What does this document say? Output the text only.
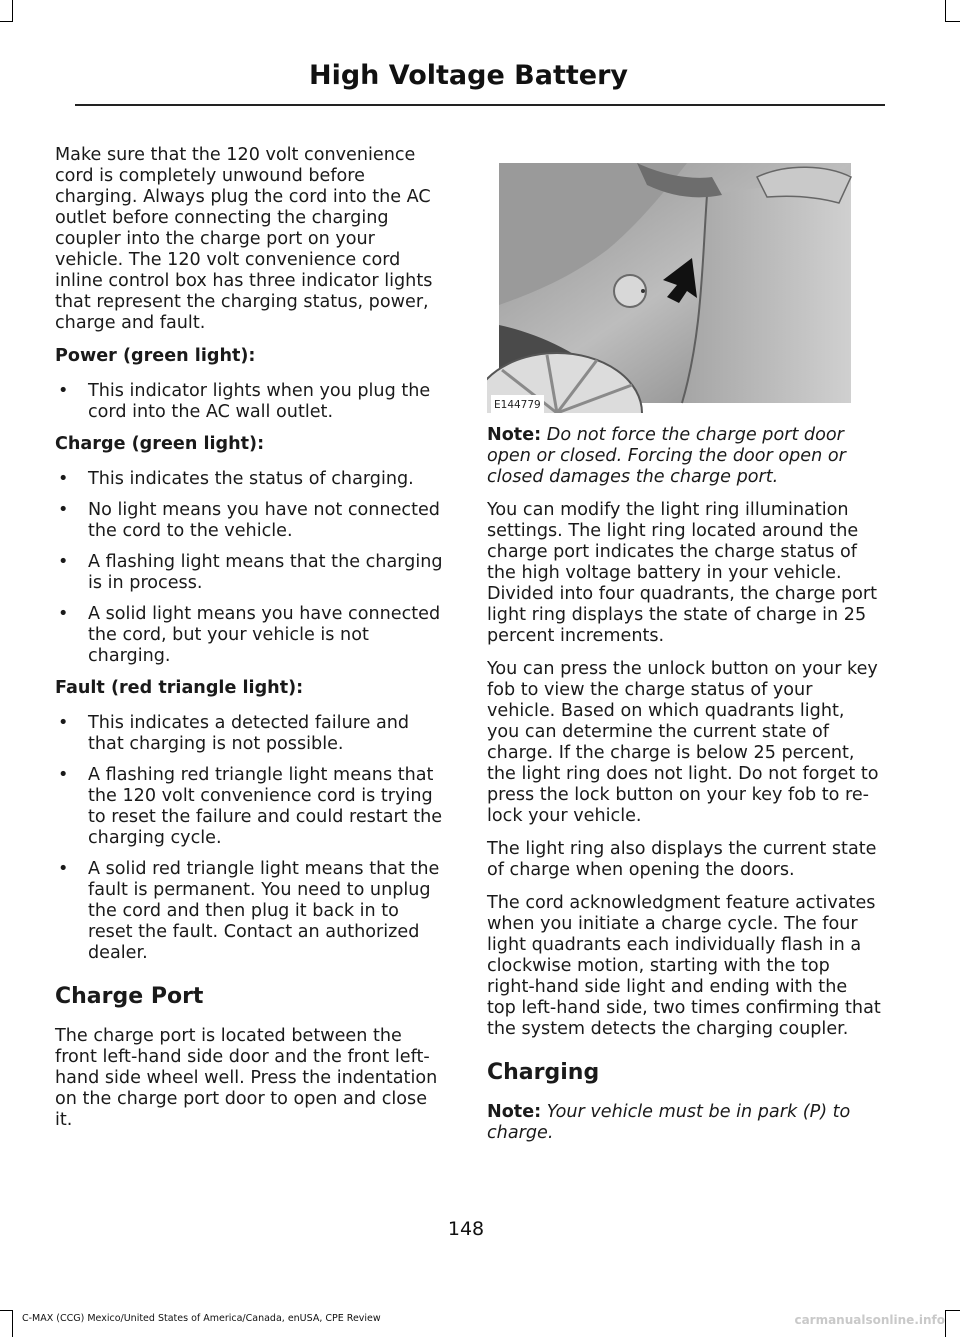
High Voltage Battery

Make sure that the 120 volt convenience cord is completely unwound before charging. Always plug the cord into the AC outlet before connecting the charging coupler into the charge port on your vehicle. The 120 volt convenience cord inline control box has three indicator lights that represent the charging status, power, charge and fault.

Power (green light):
• This indicator lights when you plug the cord into the AC wall outlet.
Charge (green light):
• This indicates the status of charging.
• No light means you have not connected the cord to the vehicle.
• A flashing light means that the charging is in process.
• A solid light means you have connected the cord, but your vehicle is not charging.
Fault (red triangle light):
• This indicates a detected failure and that charging is not possible.
• A flashing red triangle light means that the 120 volt convenience cord is trying to reset the failure and could restart the charging cycle.
• A solid red triangle light means that the fault is permanent. You need to unplug the cord and then plug it back in to reset the fault. Contact an authorized dealer.
Charge Port

The charge port is located between the front left-hand side door and the front left-hand side wheel well. Press the indentation on the charge port door to open and close it.

E144779

Note: Do not force the charge port door open or closed. Forcing the door open or closed damages the charge port.

You can modify the light ring illumination settings. The light ring located around the charge port indicates the charge status of the high voltage battery in your vehicle. Divided into four quadrants, the charge port light ring displays the state of charge in 25 percent increments.

You can press the unlock button on your key fob to view the charge status of your vehicle. Based on which quadrants light, you can determine the current state of charge. If the charge is below 25 percent, the light ring does not light. Do not forget to press the lock button on your key fob to re-lock your vehicle.

The light ring also displays the current state of charge when opening the doors.

The cord acknowledgment feature activates when you initiate a charge cycle. The four light quadrants each individually flash in a clockwise motion, starting with the top right-hand side light and ending with the top left-hand side, two times confirming that the system detects the charging coupler.

Charging

Note: Your vehicle must be in park (P) to charge.

148
C-MAX (CCG) Mexico/United States of America/Canada, enUSA, CPE Review	carmanualsonline.info
